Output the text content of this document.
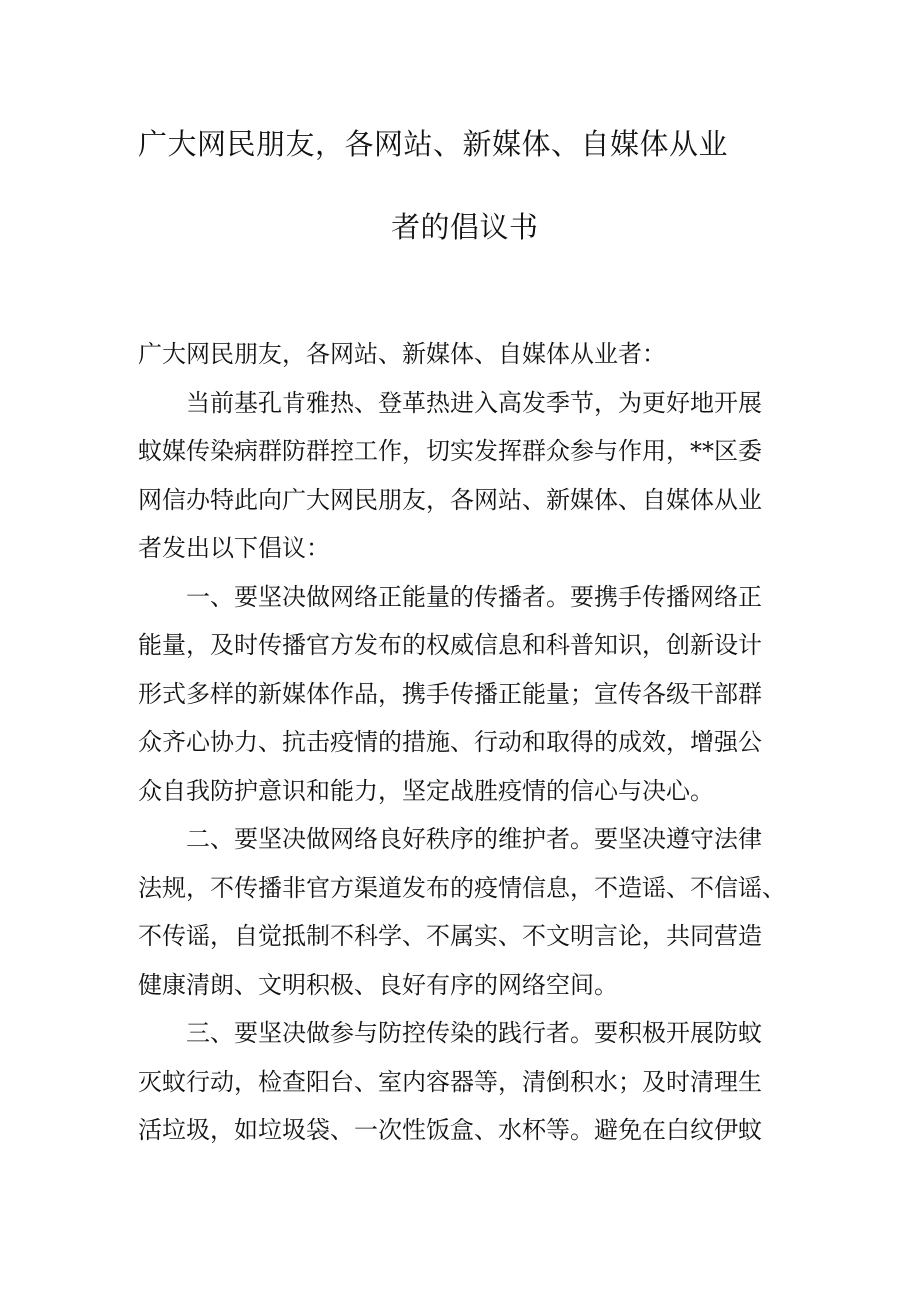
广大网民朋友，各网站、新媒体、自媒体从业
者的倡议书

广大网民朋友，各网站、新媒体、自媒体从业者：

当前基孔肯雅热、登革热进入高发季节，为更好地开展

蚊媒传染病群防群控工作，切实发挥群众参与作用，**区委

网信办特此向广大网民朋友，各网站、新媒体、自媒体从业

者发出以下倡议：

一、要坚决做网络正能量的传播者。要携手传播网络正

能量，及时传播官方发布的权威信息和科普知识，创新设计

形式多样的新媒体作品，携手传播正能量；宣传各级干部群

众齐心协力、抗击疫情的措施、行动和取得的成效，增强公

众自我防护意识和能力，坚定战胜疫情的信心与决心。

二、要坚决做网络良好秩序的维护者。要坚决遵守法律

法规，不传播非官方渠道发布的疫情信息，不造谣、不信谣、

不传谣，自觉抵制不科学、不属实、不文明言论，共同营造

健康清朗、文明积极、良好有序的网络空间。

三、要坚决做参与防控传染的践行者。要积极开展防蚊

灭蚊行动，检查阳台、室内容器等，清倒积水；及时清理生

活垃圾，如垃圾袋、一次性饭盒、水杯等。避免在白纹伊蚊
